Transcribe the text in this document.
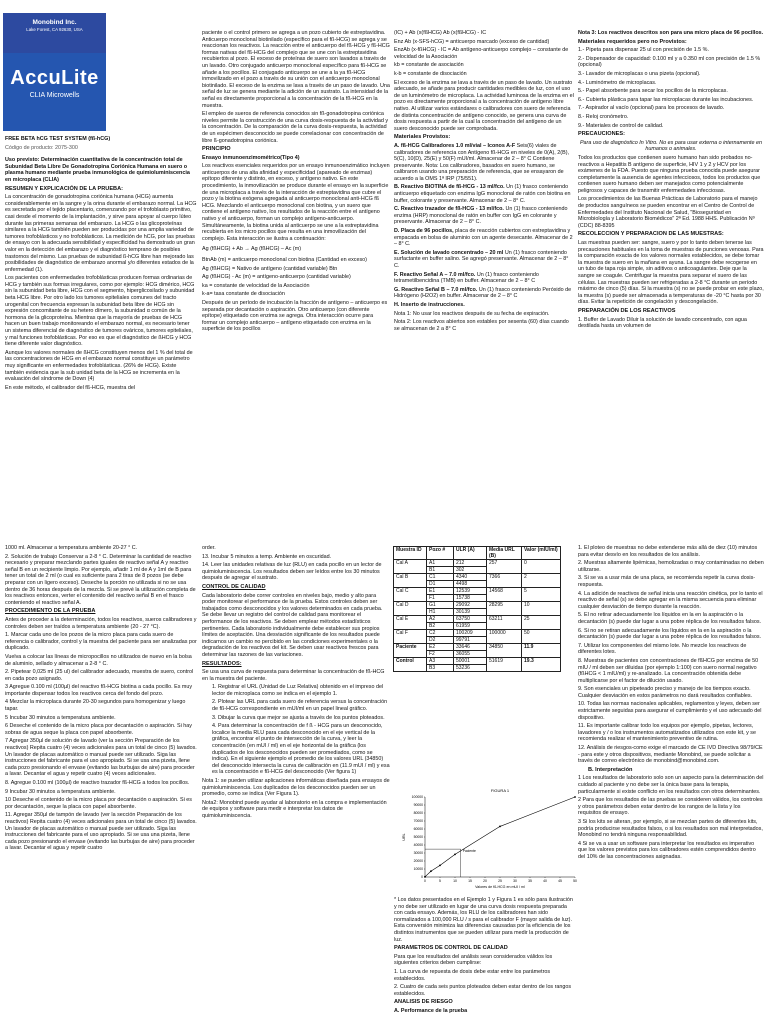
Monobind Inc.
Lake Forest, CA 92630, USA
AccuLite
CLIA Microwells

FREE BETA hCG TEST SYSTEM (fß-hCG)

Código de producto: 2075-300

Uso previsto: Determinación cuantitativa de la concentración total de Subunidad Beta Libre De Gonadotropina Coriónica Humana en suero o plasma humano mediante prueba inmunológica de quimioluminiscencia en microplaca (CLIA)

RESUMEN Y EXPLICACIÓN DE LA PRUEBA:

La concentración de gonadotropina coriónica humana (HCG) aumenta considerablemente en la sangre y la orina durante el embarazo normal. La HCG es secretada por el tejido placentario, comenzando por el trofoblasto primitivo, casi desde el momento de la implantación, y sirve para apoyar al cuerpo lúteo durante las primeras semanas del embarazo. La HCG o las glicoproteínas similares a la HCG también pueden ser producidas por una amplia variedad de tumores trofoblásticos y no trofoblásticos. La medición de hCG, por las pruebas de ensayo con la adecuada sensibilidad y especificidad ha demostrado un gran valor en la detección del embarazo y el diagnóstico temprano de posibles trastornos del mismo. Las pruebas de subunidad ß-hCG libre han mejorado las posibilidades de diagnóstico de embarazo anormal y/o diferentes estados de la enfermedad (1).

Los pacientes con enfermedades trofoblásticas producen formas ordinarias de HCG y también sus formas irregulares, como por ejemplo: HCG dimérico, HCG sin la subunidad beta libre, HCG con el segmento, hiperglicosilado y subunidad beta HCG libre. Por otro lado los tumores epiteliales comunes del tracto urogenital con frecuencia expresan la subunidad beta libre de HCG sin expresión concomitante de su hetero dímero, la subunidad α común de la hormona de la glicoproteína. Mientras que la mayoría de pruebas de HCG hacen un buen trabajo monitoreando el embarazo normal, es necesario tener un sistema diferencial de diagnóstico de tumores ováricos, tumores epiteliales, y mal funciones trofoblásticas. Por eso es que el diagnóstico de ßHCG y HCG tiene diferente valor diagnóstico.

Aunque los valores normales de ßHCG constituyen menos del 1 % del total de las concentraciones de HCG en el embarazo normal constituye un parámetro muy significante en enfermedades trofoblásticas. (26% de HCG). Existe también evidencia que la sub unidad beta de la HCG se incrementa en la evaluación del síndrome de Down (4)

En este método, el calibrador del fß-HCG, muestra del

paciente o el control primero se agrega a un pozo cubierto de estreptavidina. Anticuerpo monoclonal biotinilado (específico para el fß-HCG) se agrega y se reaccionan los reactivos. La reacción entre el anticuerpo del fß-HCG y fß-HCG formas nativas del fß-HCG del complejo que se une con la estreptavidina recubiertos al pozo. El exceso de proteínas de suero son lavados a través de un lavado. Otro conjugado anticuerpo monoclonal específico para fß-HCG se añade a los pocillos. El conjugado anticuerpo se une a la ya fß-HCG inmovilizado en el pozo a través de su unión con el anticuerpo monoclonal biotinilado. El exceso de la enzima se lava a través de un paso de lavado. Una señal de luz se genera mediante la adición de un sustrato. La intensidad de la señal es directamente proporcional a la concentración de la fß-HCG en la muestra.

El empleo de sueros de referencia conocidos sin fß-gonadotropina coriónica niveles permite la construcción de una curva dosis-respuesta de la actividad y la concentración. De la comparación de la curva dosis-respuesta, la actividad de un espécimen desconocido se puede correlacionar con concentración de libre ß-gonadotropina coriónica.

PRINCIPIO

Ensayo inmunoenzimométrico(Tipo 4)

Los reactivos esenciales requeridos por un ensayo inmunoenzimático incluyen anticuerpos de una alta afinidad y especificidad (apareado de enzimas) epítopo diferente y distinto, en exceso, y antígeno nativo. En este procedimiento, la inmovilización se produce durante el ensayo en la superficie de una microplaca a través de la interacción de estreptavidina que cubre el pozo y la biotina exógena agregada al anticuerpo monoclonal anti-HCG fß HCG. Mezclando el anticuerpo monoclonal con biotina, y un suero que contiene el antígeno nativo, los resultados de la reacción entre el antígeno nativo y el anticuerpo, forman un complejo antígeno-anticuerpo. Simultáneamente, la biotina unida al anticuerpo se une a la estreptavidina recubierta en los micro pocillos que resulta en una inmovilización del complejo. Esta interacción se ilustra a continuación:

Ag (fßHCG) + Ab → Ag (fßHCG) – Ac (m)

BtnAb (m) = anticuerpo monoclonal con biotina (Cantidad en exceso)

Ag (fßHCG) = Nativo de antígeno (cantidad variable) Btn

Ag (fßHCG) - Ac (m) = antígeno-anticuerpo (cantidad variable)

ka = constante de velocidad de la Asociación

k-a= tasa constante de disociación

Después de un período de incubación la fracción de antígeno – anticuerpo es separada por decantación o aspiración. Otro anticuerpo (con diferente epítope) etiquetado con enzima se agrega. Otra interacción ocurre para formar un complejo anticuerpo – antígeno etiquetado con enzima en la superficie de los pocillos

(IC) + Ab (x(fßHCG) Ab (x(fßHCG) - IC

Enz Ab (x-SFS-hCG) = anticuerpo marcado (exceso de cantidad)

EnzAb (x-fßHCG) - IC = Ab antígeno-anticuerpo complejo – constante de velocidad de la Asociación

kb = constante de asociación

k-b = constante de disociación

El exceso de la enzima se lava a través de un paso de lavado. Un sustrato adecuado, se añade para producir cantidades medibles de luz, con el uso de un luminómetro de microplaca. La actividad luminosa de la enzima en el pozo es directamente proporcional a la concentración de antígeno libre nativo. Al utilizar varios estándares o calibradores con suero de referencia de distinta concentración de antígeno conocido, se genera una curva de dosis respuesta a partir de la cual la concentración del antígeno de un suero desconocido puede ser comprobada.

Materiales Provistos:

A. fß-HCG Calibradores 1.0 ml/vial – Iconos A-F Seis(6) viales de calibradores de referencia con Antígeno fß-HCG en niveles de 0(A), 2(B), 5(C), 10(D), 25(E) y 50(F) mUI/ml. Almacenar de 2 – 8° C Contiene preservante. Nota: Los calibradores, basados en suero humano, se calibraron usando una preparación de referencia, que se ensayaron de acuerdo a la OMS 1ª IRP (75/551).

B. Reactivo BIOTINA de fß-HCG - 13 ml/fco. Un (1) frasco conteniendo anticuerpo etiquetado con enzima IgG monoclonal de ratón con biotina en buffer, colorante y preservante. Almacenar de 2 – 8° C.

C. Reactivo trazador de fß-HCG - 13 ml/fco. Un (1) frasco conteniendo enzima (HRP) monoclonal de ratón en buffer con IgG en colorante y preservante. Almacenar de 2 – 8° C.

D. Placa de 96 pocillos, placa de reacción cubiertos con estreptavidina y empacada en bolsa de aluminio con un agente desecante. Almacenar de 2 – 8° C.

E. Solución de lavado concentrado – 20 ml Un (1) frasco conteniendo surfactante en buffer salino. Se agregó preservante. Almacenar de 2 – 8° C.

F. Reactivo Señal A – 7.0 ml/fco. Un (1) frasco conteniendo tetrametilbencidina (TMB) en buffer. Almacenar de 2 – 8° C

G. Reactivo Señal B – 7.0 ml/fco. Un (1) frasco conteniendo Peróxido de Hidrógeno (H2O2) en buffer. Almacenar de 2 – 8° C

H. Inserto de instrucciones.

Nota 1: No usar los reactivos después de su fecha de expiración.

Nota 2: Los reactivos abiertos son estables por sesenta (60) días cuando se almacenan de 2 a 8° C

Nota 3: Los reactivos descritos son para una micro placa de 96 pocillos.

Materiales requeridos pero no Provistos:

1.- Pipeta para dispensar 25 ul con precisión de 1.5 %.

2.- Dispensador de capacidad: 0.100 ml y a 0.350 ml con precisión de 1.5 % (opcional)

3.- Lavador de microplacas o una pizeta (opcional).

4.- Luminómetro de microplacas.

5.- Papel absorbente para secar los pocillos de la microplacas.

6.- Cubierta plástica para tapar las microplacas durante las incubaciones.

7.- Aspirador al vacío (opcional) para los procesos de lavado.

8.- Reloj cronómetro.

9.- Materiales de control de calidad.

PRECAUCIONES:

Para uso de diagnóstico In Vitro. No es para usar externa o internamente en humanos o animales.

Todos los productos que contienen suero humano han sido probados no-reactivos a Hepatitis B antígeno de superficie, HIV 1 y 2 y HCV por los exámenes de la FDA. Puesto que ninguna prueba conocida puede asegurar completamente la ausencia de agentes infecciosos, todos los productos que contienen suero humano deben ser manejados como potencialmente peligrosos y capaces de transmitir enfermedades infecciosas.

Los procedimientos de las Buenas Prácticas de Laboratorio para el manejo de productos sanguíneos se pueden encontrar en el Centro de Control de Enfermedades del Instituto Nacional de Salud, "Bioseguridad en Microbiología y Laboratorio Biomédicos" 2ª Ed. 1988 HHS. Publicación Nº (CDC) 88-8395

RECOLECCION Y PREPARACION DE LAS MUESTRAS:

Las muestras pueden ser: sangre, suero y por lo tanto deben tenerse las precauciones habituales en la toma de muestras de punciones venosas. Para la comparación exacta de los valores normales establecidos, se debe tomar la muestra de suero en la mañana en ayuna. La sangre debe recogerse en un tubo de tapa roja simple, sin aditivos o anticoagulantes. Deje que la sangre se coagule. Centrifugar la muestra para separar el suero de las células. Las muestras pueden ser refrigeradas a 2-8 °C durante un período máximo de cinco (5) días. Si la muestra (s) no se puede probar en este plazo, la muestra (s) puede ser almacenada a temperaturas de -20 °C hasta por 30 días. Evitar la repetición de congelación y descongelación.

PREPARACIÓN DE LOS REACTIVOS

1. Buffer de Lavado Diluir la solución de lavado concentrado, con agua destilada hasta un volumen de

1000 ml. Almacenar a temperatura ambiente 20-27 ° C.

2. Solución de trabajo Conservar a 2-8 ° C. Determinar la cantidad de reactivo necesario y preparar mezclando partes iguales de reactivo señal A y reactivo señal B en un recipiente limpio. Por ejemplo, añadir 1 ml de A y 1ml de B para tener un total de 2 ml (o cual es suficiente para 2 tiras de 8 pozos (se debe preparar con un ligero exceso). Deseche la porción no utilizada si no se usa dentro de 36 horas después de la mezcla. Si se prevé la utilización completa de los reactivos entonces, verter el contenido del reactivo señal B en el frasco conteniendo el reactivo señal A.

PROCEDIMIENTO DE LA PRUEBA

Antes de proceder a la determinación, todos los reactivos, sueros calibradores y controles deben ser traídos a temperatura ambiente (20 - 27 °C).

1. Marcar cada uno de los pozos de la micro placa para cada suero de referencia o calibrador, control y la muestra del paciente para ser analizadas por duplicado.

Vuelva a colocar las líneas de micropocillos no utilizados de nuevo en la bolsa de aluminio, sellado y almacenar a 2-8 ° C.

2. Pipetear 0,025 ml (25 ul) del calibrador adecuado, muestra de suero, control en cada pozo asignado.

3 Agregue 0.100 ml (100µl) del reactivo fß-HCG biotina a cada pocillo. Es muy importante dispensar todos los reactivos cerca del fondo del pozo.

4 Mezclar la microplaca durante 20-30 segundos para homogenizar y luego tapar.

5 Incubar 30 minutos a temperatura ambiente.

6 Deseche el contenido de la micro placa por decantación o aspiración. Si hay sobras de agua seque la placa con papel absorbente.

7 Agregar 350µl de solución de lavado (ver la sección Preparación de los reactivos) Repita cuatro (4) veces adicionales para un total de cinco (5) lavados. Un lavador de placas automático o manual puede ser utilizado. Siga las instrucciones del fabricante para el uso apropiado. Si se usa una pizeta, llene cada pozo presionando el envase (evitando las burbujas de aire) para proceder a lavar. Decantar el agua y repetir cuatro (4) veces adicionales.

8. Agregue 0.100 ml (100µl) de reactivo trazador fß-HCG a todos los pocillos.

9 Incubar 30 minutos a temperatura ambiente.

10 Deseche el contenido de la micro placa por decantación o aspiración. Si es por decantación, seque la placa con papel absorbente.

11. Agregar 350µl de tampón de lavado (ver la sección Preparación de los reactivos) Repita cuatro (4) veces adicionales para un total de cinco (5) lavados. Un lavador de placas automático o manual puede ser utilizado. Siga las instrucciones del fabricante para el uso apropiado. Si se usa una pizeta, llene cada pozo presionando el envase (evitando las burbujas de aire) para proceder a lavar. Decantar el agua y repetir cuatro

order.

13. Incubar 5 minutos a temp. Ambiente en oscuridad.

14. Leer las unidades relativas de luz (RLU) en cada pocillo en un lector de quimioluminiscencia. Los resultados deben ser leídos entre los 30 minutos después de agregar el sustrato.

CONTROL DE CALIDAD

Cada laboratorio debe correr controles en niveles bajo, medio y alto para poder monitorear el performance de la prueba. Estos controles deben ser trabajados como desconocidos y los valores determinados en cada prueba. Se debe llevar un registro del control de calidad para monitorear el performance de los reactivos. Se deben emplear métodos estadísticos pertinentes. Cada laboratorio individualmente debe establecer sus propios límites de aceptación. Una desviación significante de los resultados puede indicarnos un cambio no percibido en las condiciones experimentales o la degradación de los reactivos del kit. Se deben usar reactivos frescos para determinar las razones de las variaciones.

RESULTADOS:

Se usa una curva de respuesta para determinar la concentración de fß-HCG en la muestra del paciente.

1. Registrar el URL (Unidad de Luz Relativa) obtenido en el impreso del lector de microplaca como se indica en el ejemplo 1.

2. Plotear las URL para cada suero de referencia versus la concentración de fß-HCG correspondiente en mUI/ml en un papel lineal gráfico.

3. Dibujar la curva que mejor se ajusta a través de los puntos ploteados.

4. Para determinar la concentración de f ß - HCG para un desconocido, localice la media RLU para cada desconocido en el eje vertical de la gráfica, encontrar el punto de intersección de la curva, y leer la concentración (en mUI / ml) en el eje horizontal de la gráfica (los duplicados de los desconocidos pueden ser promediados, como se indica). En el siguiente ejemplo el promedio de los valores URL (34850) del desconocido intersecta la curva de calibración en (11.9 mUI / ml) y esa es la concentración e fß-HCG del desconocido (Ver figura 1)

Nota 1: se pueden utilizar aplicaciones informáticas diseñada para ensayos de quimioluminiscencia. Los duplicados de los desconocidos pueden ser un promedio, como se indica (Ver Figura 1).

Nota2: Monobind puede ayudar al laboratorio en la compra e implementación de equipos y software para medir e interpretar los datos de quimioluminiscencia.

Muestra ID	Pozo #	ULR (A)	Media URL (B)	Valor (mIU/ml)
Cal A	A1	212	257	0
	B1	302		
Cal B	C1	4340	7366	2
	D1	4498		
Cal C	E1	12539	14568	5
	F1	15738		
Cal D	G1	29092	28295	10
	H1	30139		
Cal E	A2	63750	63211	25
	B2	61959		
Cal F	C2	100209	100000	50
	D2	99791		
Paciente	E2	33646	34850	11.9
	F2	36055		
Control	A3	50001	51619	19.3
	B3	53236		
FIGURA 1
0
10000
20000
30000
40000
50000
60000
70000
80000
90000
100000
0	5	10	15	20	25	30	35	40	45	50
Valores de fß-HCG en mUI / ml
URL
Paciente

* Los datos presentados en el Ejemplo 1 y Figura 1 es sólo para ilustración y no debe ser utilizado en lugar de una curva dosis respuesta preparada con cada ensayo. Además, los RLU de los calibradores han sido normalizados a 100,000 RLU / s para el calibrador F (mayor salida de luz). Esta conversión minimiza las diferencias causadas por la eficiencia de los distintos instrumentos que se pueden utilizar para medir la producción de luz.

PARAMETROS DE CONTROL DE CALIDAD

Para que los resultados del análisis sean considerados válidos los siguientes criterios deben cumplirse:

1. La curva de repuesta de dosis debe estar entre los parámetros establecidos.

2. Cuatro de cada seis puntos ploteados deben estar dentro de los rangos establecidos.

ANALISIS DE RIESGO

A. Performance de la prueba

1. El ploteo de muestras no debe extenderse más allá de diez (10) minutos para evitar desvío en los resultados de los análisis.

2. Muestras altamente lipémicas, hemolizadas o muy contaminadas no deben utilizarse.

3. Si se va a usar más de una placa, se recomienda repetir la curva dosis-respuesta.

4. La adición de reactivos de señal inicia una reacción cinética, por lo tanto el reactivo de señal (s) se debe agregar en la misma secuencia para eliminar cualquier desviación de tiempo durante la reacción.

5. El no retirar adecuadamente los líquidos en la en la aspiración o la decantación (s) puede dar lugar a una pobre réplica de los resultados falsos.

6. Si no se retiran adecuadamente los líquidos en la en la aspiración o la decantación (s) puede dar lugar a una pobre réplica de los resultados falsos.

7. Utilizar los componentes del mismo lote. No mezcle los reactivos de diferentes lotes.

8. Muestras de pacientes con concentraciones de fßHCG por encima de 50 mIU / ml deben ser diluidas (por ejemplo 1:100) con suero normal negativo (fßHCG < 1 mIU/ml) y re-analizado. La concentración obtenida debe multiplicarse por el factor de dilución usado.

9. Son esenciales un pipeteado preciso y manejo de los tiempos exacto. Cualquier desviación en estos parámetros no dará resultados confiables.

10. Todas las normas nacionales aplicables, reglamentos y leyes, deben ser estrictamente seguidas para asegurar el cumplimiento y el uso adecuado del dispositivo.

11. Es importante calibrar todo los equipos por ejemplo, pipetas, lectores, lavadores y / o los instrumentos automatizados utilizados con este kit, y se recomienda realizar el mantenimiento preventivo de rutina.

12. Análisis de riesgos-como exige el marcado de CE IVD Directiva 98/79/CE - para este y otros dispositivos, mediante Monobind, se puede solicitar a través de correo electrónico de monobind@monobind.com.

B. Interpretación

1 Los resultados de laboratorio solo son un aspecto para la determinación del cuidado al paciente y no debe ser la única base para la terapia, particularmente si existe conflicto en los resultados con otros determinantes.

2 Para que los resultados de las pruebas se consideren válidos, los controles y otros parámetros deben estar dentro de los rangos de la lista y los requisitos de ensayo.

3 Si los kits se alteran, por ejemplo, si se mezclan partes de diferentes kits, podría producirse resultados falsos, o si los resultados son mal interpretados, Monobind no tendrá ninguna responsabilidad.

4 Si se va a usar un software para interpretar los resultados es imperativo que los valores previstos para los calibradores estén comprendidos dentro del 10% de las concentraciones asignadas.
